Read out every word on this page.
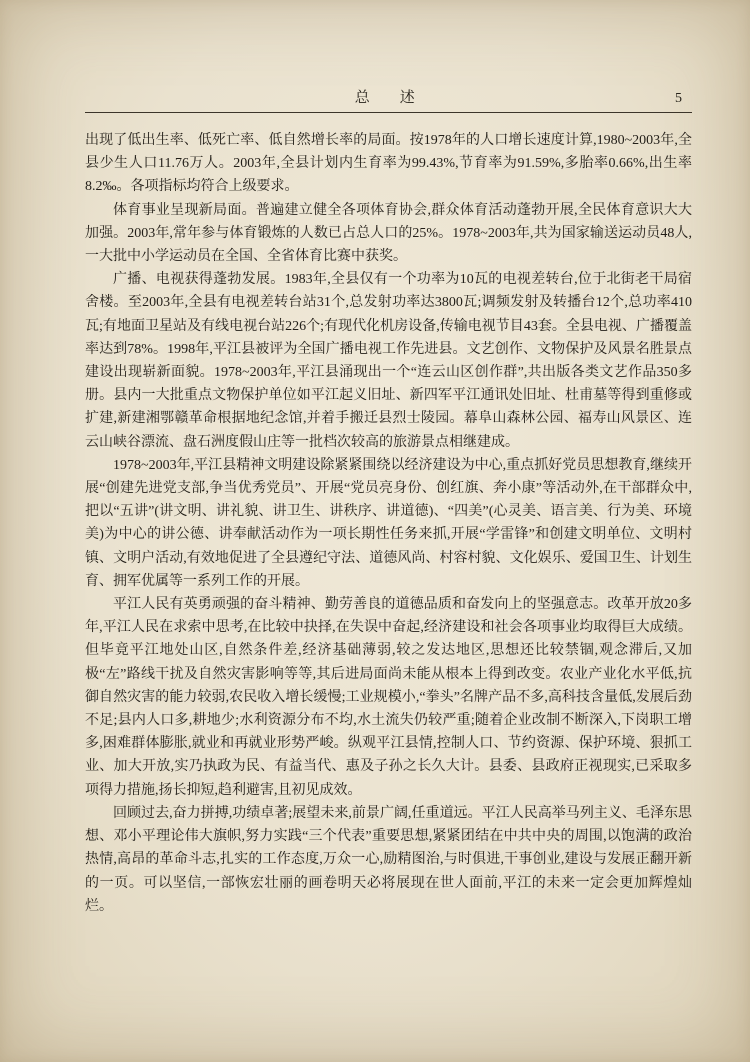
总　述	5

出现了低出生率、低死亡率、低自然增长率的局面。按1978年的人口增长速度计算,1980~2003年,全县少生人口11.76万人。2003年,全县计划内生育率为99.43%,节育率为91.59%,多胎率0.66%,出生率8.2‰。各项指标均符合上级要求。

体育事业呈现新局面。普遍建立健全各项体育协会,群众体育活动蓬勃开展,全民体育意识大大加强。2003年,常年参与体育锻炼的人数已占总人口的25%。1978~2003年,共为国家输送运动员48人,一大批中小学运动员在全国、全省体育比赛中获奖。

广播、电视获得蓬勃发展。1983年,全县仅有一个功率为10瓦的电视差转台,位于北街老干局宿舍楼。至2003年,全县有电视差转台站31个,总发射功率达3800瓦;调频发射及转播台12个,总功率410瓦;有地面卫星站及有线电视台站226个;有现代化机房设备,传输电视节目43套。全县电视、广播覆盖率达到78%。1998年,平江县被评为全国广播电视工作先进县。文艺创作、文物保护及风景名胜景点建设出现崭新面貌。1978~2003年,平江县涌现出一个“连云山区创作群”,共出版各类文艺作品350多册。县内一大批重点文物保护单位如平江起义旧址、新四军平江通讯处旧址、杜甫墓等得到重修或扩建,新建湘鄂赣革命根据地纪念馆,并着手搬迁县烈士陵园。幕阜山森林公园、福寿山风景区、连云山峡谷漂流、盘石洲度假山庄等一批档次较高的旅游景点相继建成。

1978~2003年,平江县精神文明建设除紧紧围绕以经济建设为中心,重点抓好党员思想教育,继续开展“创建先进党支部,争当优秀党员”、开展“党员亮身份、创红旗、奔小康”等活动外,在干部群众中,把以“五讲”(讲文明、讲礼貌、讲卫生、讲秩序、讲道德)、“四美”(心灵美、语言美、行为美、环境美)为中心的讲公德、讲奉献活动作为一项长期性任务来抓,开展“学雷锋”和创建文明单位、文明村镇、文明户活动,有效地促进了全县遵纪守法、道德风尚、村容村貌、文化娱乐、爱国卫生、计划生育、拥军优属等一系列工作的开展。

平江人民有英勇顽强的奋斗精神、勤劳善良的道德品质和奋发向上的坚强意志。改革开放20多年,平江人民在求索中思考,在比较中抉择,在失误中奋起,经济建设和社会各项事业均取得巨大成绩。但毕竟平江地处山区,自然条件差,经济基础薄弱,较之发达地区,思想还比较禁锢,观念滞后,又加极“左”路线干扰及自然灾害影响等等,其后进局面尚未能从根本上得到改变。农业产业化水平低,抗御自然灾害的能力较弱,农民收入增长缓慢;工业规模小,“拳头”名牌产品不多,高科技含量低,发展后劲不足;县内人口多,耕地少;水利资源分布不均,水土流失仍较严重;随着企业改制不断深入,下岗职工增多,困难群体膨胀,就业和再就业形势严峻。纵观平江县情,控制人口、节约资源、保护环境、狠抓工业、加大开放,实乃执政为民、有益当代、惠及子孙之长久大计。县委、县政府正视现实,已采取多项得力措施,扬长抑短,趋利避害,且初见成效。

回顾过去,奋力拼搏,功绩卓著;展望未来,前景广阔,任重道远。平江人民高举马列主义、毛泽东思想、邓小平理论伟大旗帜,努力实践“三个代表”重要思想,紧紧团结在中共中央的周围,以饱满的政治热情,高昂的革命斗志,扎实的工作态度,万众一心,励精图治,与时俱进,干事创业,建设与发展正翻开新的一页。可以坚信,一部恢宏壮丽的画卷明天必将展现在世人面前,平江的未来一定会更加辉煌灿烂。
